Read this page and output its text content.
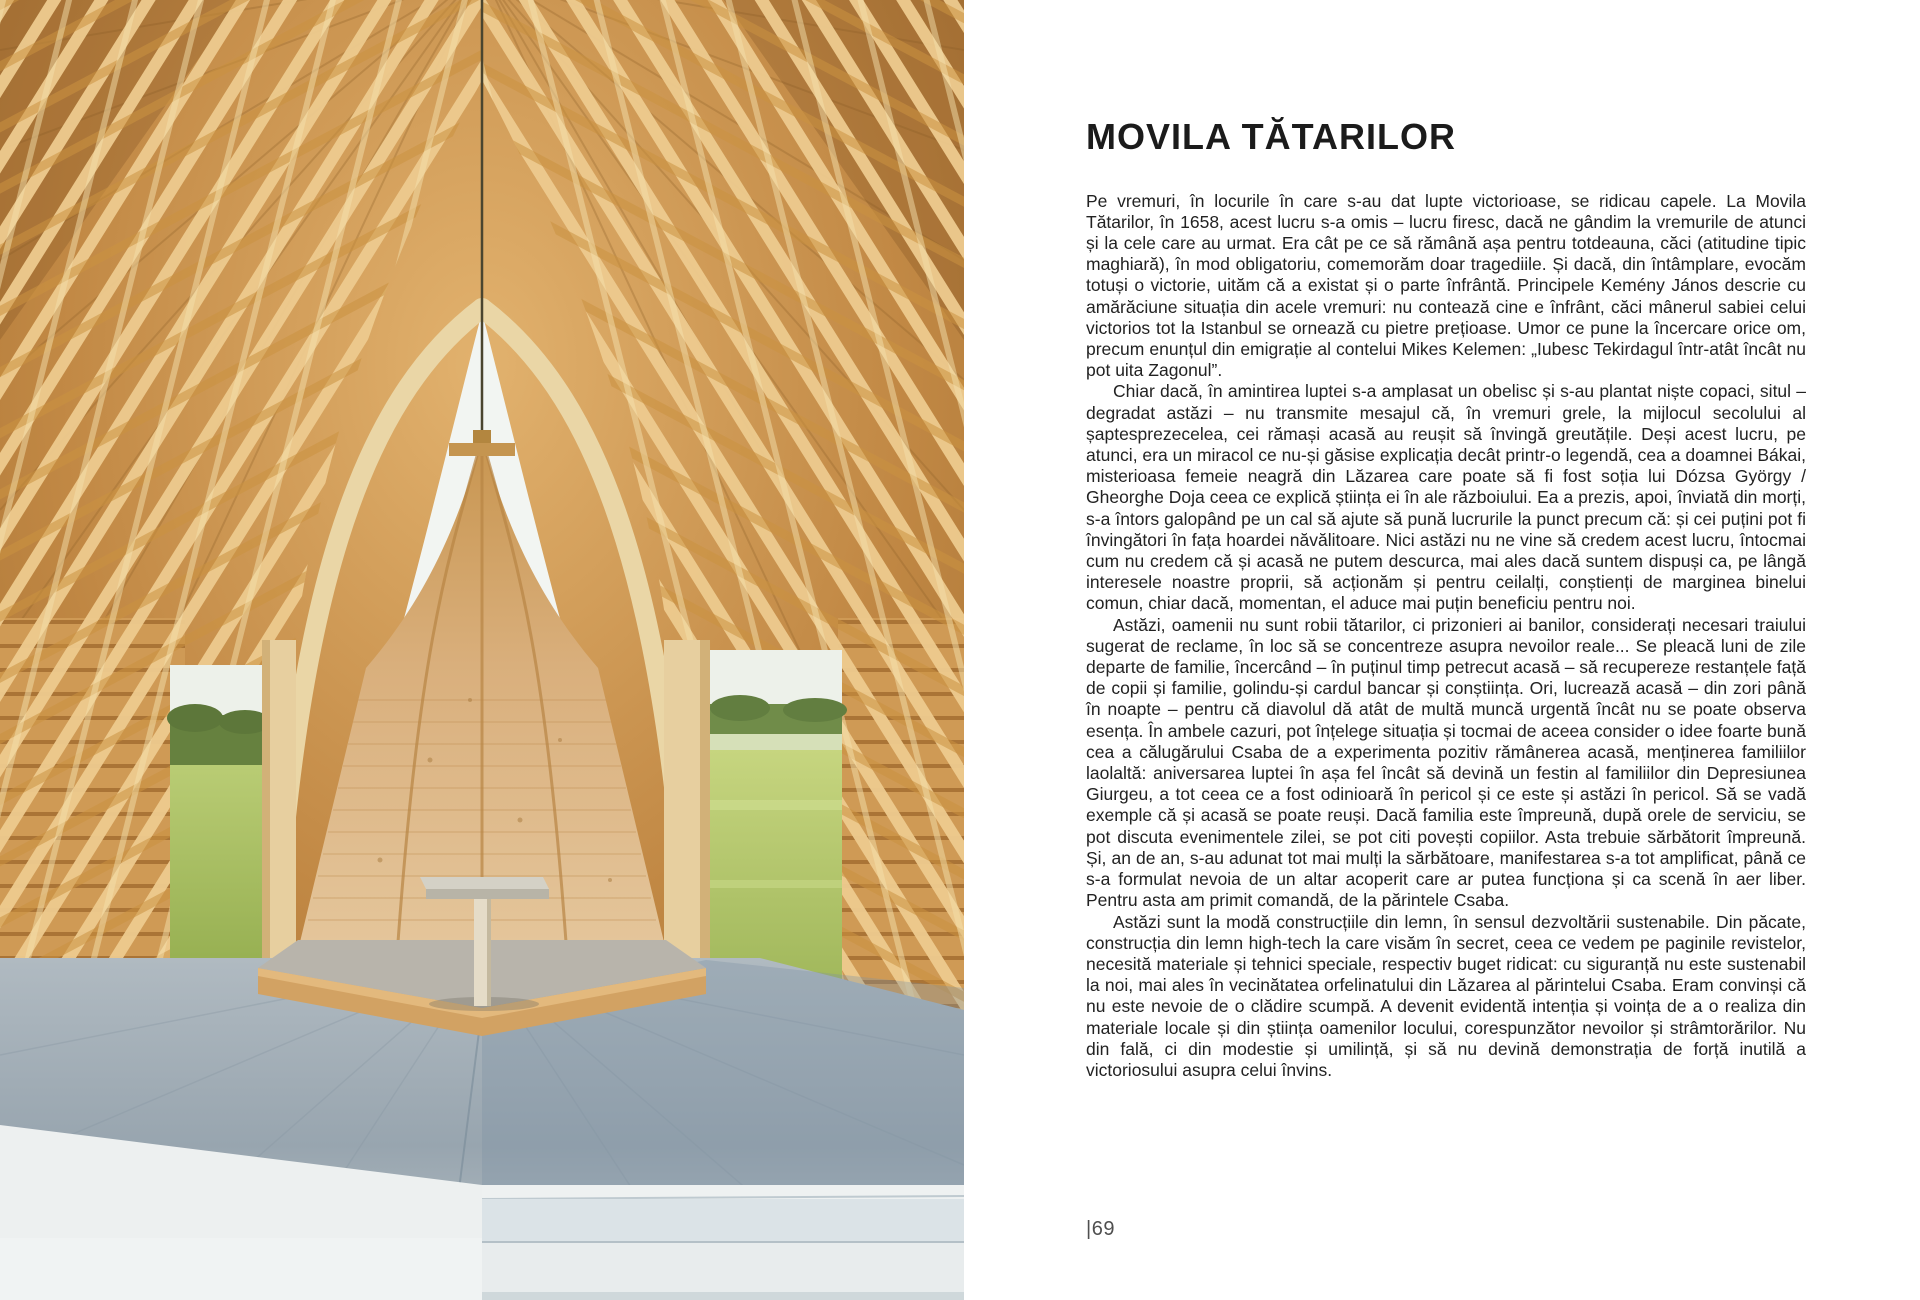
MOVILA TĂTARILOR

Pe vremuri, în locurile în care s-au dat lupte victorioase, se ridicau capele. La Movila Tătarilor, în 1658, acest lucru s-a omis – lucru firesc, dacă ne gândim la vremurile de atunci și la cele care au urmat. Era cât pe ce să rămână așa pentru totdeauna, căci (atitudine tipic maghiară), în mod obligatoriu, comemorăm doar tragediile. Și dacă, din întâmplare, evocăm totuși o victorie, uităm că a existat și o parte înfrântă. Principele Kemény János descrie cu amărăciune situația din acele vremuri: nu contează cine e înfrânt, căci mânerul sabiei celui victorios tot la Istanbul se ornează cu pietre prețioase. Umor ce pune la încercare orice om, precum enunțul din emigrație al contelui Mikes Kelemen: „Iubesc Tekirdagul într-atât încât nu pot uita Zagonul”.

Chiar dacă, în amintirea luptei s-a amplasat un obelisc și s-au plantat niște copaci, situl – degradat astăzi – nu transmite mesajul că, în vremuri grele, la mijlocul secolului al șaptesprezecelea, cei rămași acasă au reușit să învingă greutățile. Deși acest lucru, pe atunci, era un miracol ce nu-și găsise explicația decât printr-o legendă, cea a doamnei Bákai, misterioasa femeie neagră din Lăzarea care poate să fi fost soția lui Dózsa György / Gheorghe Doja ceea ce explică știința ei în ale războiului. Ea a prezis, apoi, înviată din morți, s-a întors galopând pe un cal să ajute să pună lucrurile la punct precum că: și cei puțini pot fi învingători în fața hoardei năvălitoare. Nici astăzi nu ne vine să credem acest lucru, întocmai cum nu credem că și acasă ne putem descurca, mai ales dacă suntem dispuși ca, pe lângă interesele noastre proprii, să acționăm și pentru ceilalți, conștienți de marginea binelui comun, chiar dacă, momentan, el aduce mai puțin beneficiu pentru noi.

Astăzi, oamenii nu sunt robii tătarilor, ci prizonieri ai banilor, considerați necesari traiului sugerat de reclame, în loc să se concentreze asupra nevoilor reale... Se pleacă luni de zile departe de familie, încercând – în puținul timp petrecut acasă – să recupereze restanțele față de copii și familie, golindu-și cardul bancar și conștiința. Ori, lucrează acasă – din zori până în noapte – pentru că diavolul dă atât de multă muncă urgentă încât nu se poate observa esența. În ambele cazuri, pot înțelege situația și tocmai de aceea consider o idee foarte bună cea a călugărului Csaba de a experimenta pozitiv rămânerea acasă, menținerea familiilor laolaltă: aniversarea luptei în așa fel încât să devină un festin al familiilor din Depresiunea Giurgeu, a tot ceea ce a fost odinioară în pericol și ce este și astăzi în pericol. Să se vadă exemple că și acasă se poate reuși. Dacă familia este împreună, după orele de serviciu, se pot discuta evenimentele zilei, se pot citi povești copiilor. Asta trebuie sărbătorit împreună. Și, an de an, s-au adunat tot mai mulți la sărbătoare, manifestarea s-a tot amplificat, până ce s-a formulat nevoia de un altar acoperit care ar putea funcționa și ca scenă în aer liber. Pentru asta am primit comandă, de la părintele Csaba.

Astăzi sunt la modă construcțiile din lemn, în sensul dezvoltării sustenabile. Din păcate, construcția din lemn high-tech la care visăm în secret, ceea ce vedem pe paginile revistelor, necesită materiale și tehnici speciale, respectiv buget ridicat: cu siguranță nu este sustenabil la noi, mai ales în vecinătatea orfelinatului din Lăzarea al părintelui Csaba. Eram convinși că nu este nevoie de o clădire scumpă. A devenit evidentă intenția și voința de a o realiza din materiale locale și din știința oamenilor locului, corespunzător nevoilor și strâmtorărilor. Nu din fală, ci din modestie și umilință, și să nu devină demonstrația de forță inutilă a victoriosului asupra celui învins.

|69
